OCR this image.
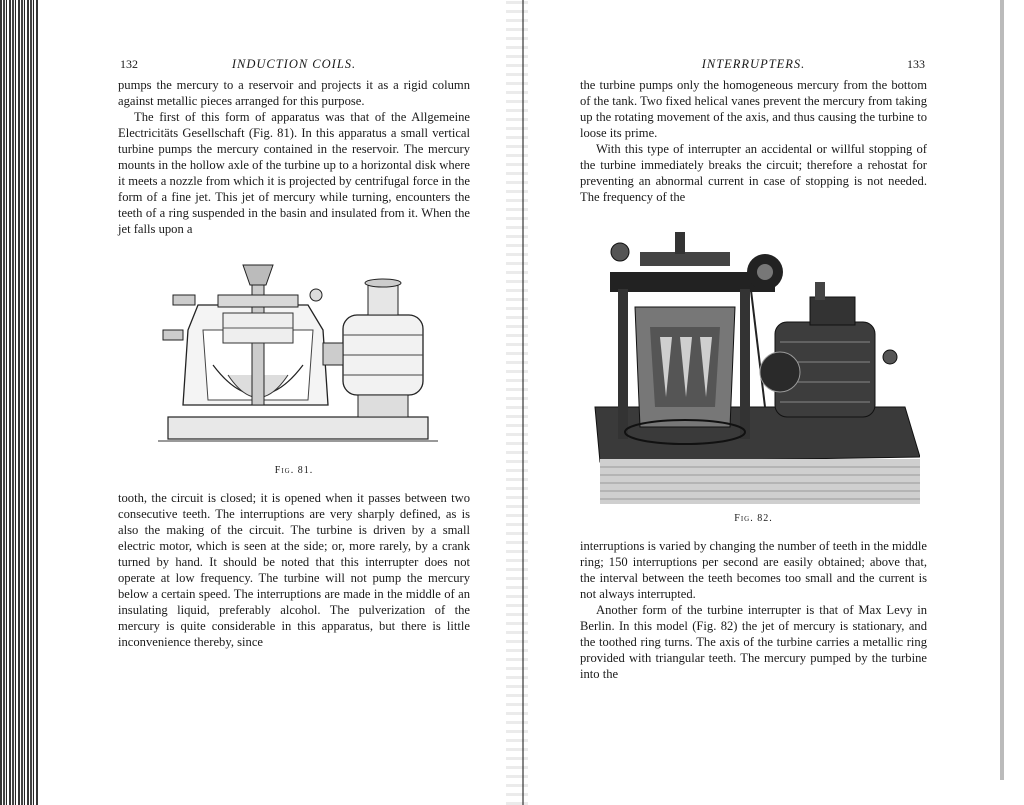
132	INDUCTION COILS.

pumps the mercury to a reservoir and projects it as a rigid column against metallic pieces arranged for this purpose.

The first of this form of apparatus was that of the Allgemeine Electricitäts Gesellschaft (Fig. 81). In this apparatus a small vertical turbine pumps the mercury contained in the reservoir. The mercury mounts in the hollow axle of the turbine up to a horizontal disk where it meets a nozzle from which it is projected by centrifugal force in the form of a fine jet. This jet of mercury while turning, encounters the teeth of a ring suspended in the basin and insulated from it. When the jet falls upon a

Fig. 81.

tooth, the circuit is closed; it is opened when it passes between two consecutive teeth. The interruptions are very sharply defined, as is also the making of the circuit. The turbine is driven by a small electric motor, which is seen at the side; or, more rarely, by a crank turned by hand. It should be noted that this interrupter does not operate at low frequency. The turbine will not pump the mercury below a certain speed. The interruptions are made in the middle of an insulating liquid, preferably alcohol. The pulverization of the mercury is quite considerable in this apparatus, but there is little inconvenience thereby, since

INTERRUPTERS.	133

the turbine pumps only the homogeneous mercury from the bottom of the tank. Two fixed helical vanes prevent the mercury from taking up the rotating movement of the axis, and thus causing the turbine to loose its prime.

With this type of interrupter an accidental or willful stopping of the turbine immediately breaks the circuit; therefore a rehostat for preventing an abnormal current in case of stopping is not needed. The frequency of the

Fig. 82.

interruptions is varied by changing the number of teeth in the middle ring; 150 interruptions per second are easily obtained; above that, the interval between the teeth becomes too small and the current is not always interrupted.

Another form of the turbine interrupter is that of Max Levy in Berlin. In this model (Fig. 82) the jet of mercury is stationary, and the toothed ring turns. The axis of the turbine carries a metallic ring provided with triangular teeth. The mercury pumped by the turbine into the
